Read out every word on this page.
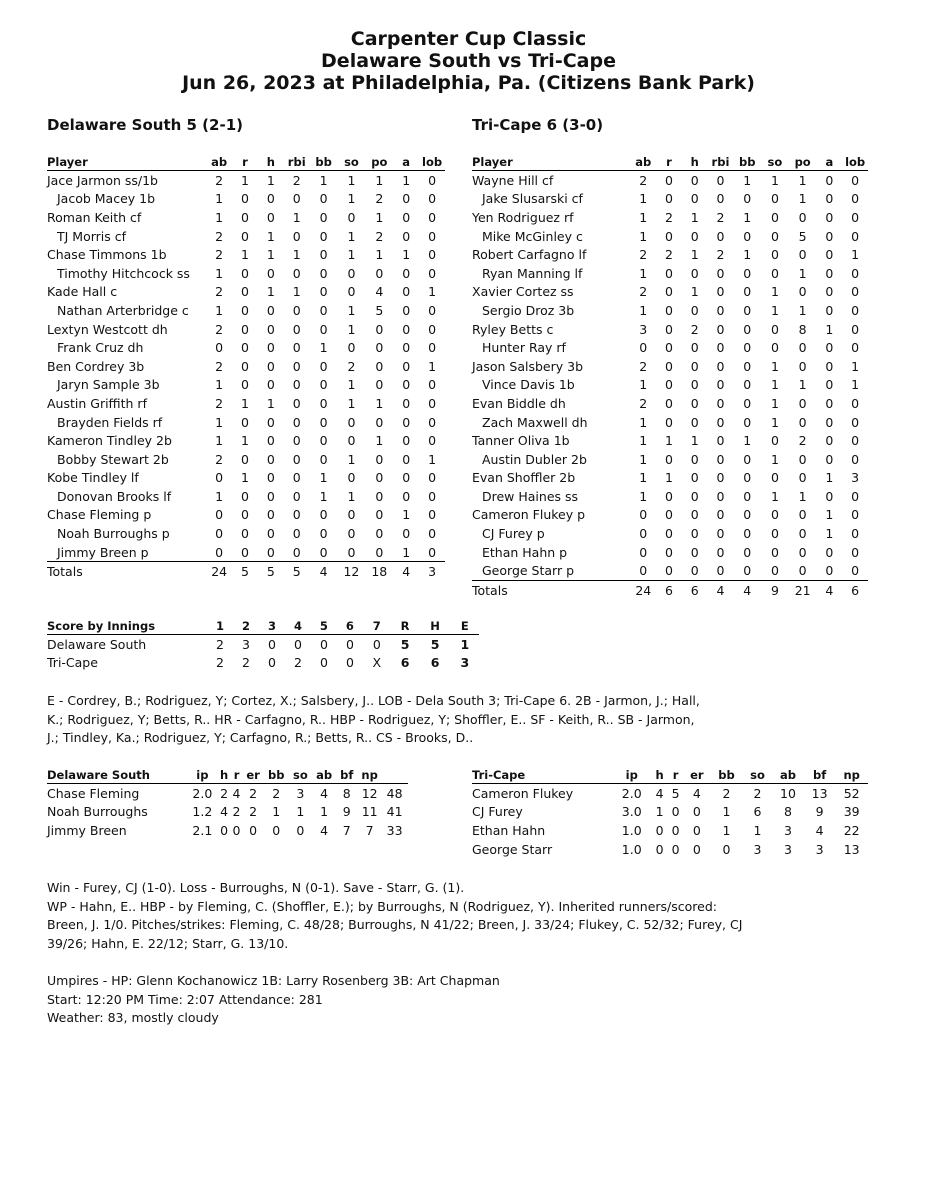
Carpenter Cup Classic
Delaware South vs Tri-Cape
Jun 26, 2023 at Philadelphia, Pa. (Citizens Bank Park)
Delaware South 5 (2-1)	Tri-Cape 6 (3-0)
Player	ab	r	h	rbi	bb	so	po	a	lob
Jace Jarmon ss/1b	2	1	1	2	1	1	1	1	0
Jacob Macey 1b	1	0	0	0	0	1	2	0	0
Roman Keith cf	1	0	0	1	0	0	1	0	0
TJ Morris cf	2	0	1	0	0	1	2	0	0
Chase Timmons 1b	2	1	1	1	0	1	1	1	0
Timothy Hitchcock ss	1	0	0	0	0	0	0	0	0
Kade Hall c	2	0	1	1	0	0	4	0	1
Nathan Arterbridge c	1	0	0	0	0	1	5	0	0
Lextyn Westcott dh	2	0	0	0	0	1	0	0	0
Frank Cruz dh	0	0	0	0	1	0	0	0	0
Ben Cordrey 3b	2	0	0	0	0	2	0	0	1
Jaryn Sample 3b	1	0	0	0	0	1	0	0	0
Austin Griffith rf	2	1	1	0	0	1	1	0	0
Brayden Fields rf	1	0	0	0	0	0	0	0	0
Kameron Tindley 2b	1	1	0	0	0	0	1	0	0
Bobby Stewart 2b	2	0	0	0	0	1	0	0	1
Kobe Tindley lf	0	1	0	0	1	0	0	0	0
Donovan Brooks lf	1	0	0	0	1	1	0	0	0
Chase Fleming p	0	0	0	0	0	0	0	1	0
Noah Burroughs p	0	0	0	0	0	0	0	0	0
Jimmy Breen p	0	0	0	0	0	0	0	1	0
Totals	24	5	5	5	4	12	18	4	3
Player	ab	r	h	rbi	bb	so	po	a	lob
Wayne Hill cf	2	0	0	0	1	1	1	0	0
Jake Slusarski cf	1	0	0	0	0	0	1	0	0
Yen Rodriguez rf	1	2	1	2	1	0	0	0	0
Mike McGinley c	1	0	0	0	0	0	5	0	0
Robert Carfagno lf	2	2	1	2	1	0	0	0	1
Ryan Manning lf	1	0	0	0	0	0	1	0	0
Xavier Cortez ss	2	0	1	0	0	1	0	0	0
Sergio Droz 3b	1	0	0	0	0	1	1	0	0
Ryley Betts c	3	0	2	0	0	0	8	1	0
Hunter Ray rf	0	0	0	0	0	0	0	0	0
Jason Salsbery 3b	2	0	0	0	0	1	0	0	1
Vince Davis 1b	1	0	0	0	0	1	1	0	1
Evan Biddle dh	2	0	0	0	0	1	0	0	0
Zach Maxwell dh	1	0	0	0	0	1	0	0	0
Tanner Oliva 1b	1	1	1	0	1	0	2	0	0
Austin Dubler 2b	1	0	0	0	0	1	0	0	0
Evan Shoffler 2b	1	1	0	0	0	0	0	1	3
Drew Haines ss	1	0	0	0	0	1	1	0	0
Cameron Flukey p	0	0	0	0	0	0	0	1	0
CJ Furey p	0	0	0	0	0	0	0	1	0
Ethan Hahn p	0	0	0	0	0	0	0	0	0
George Starr p	0	0	0	0	0	0	0	0	0
Totals	24	6	6	4	4	9	21	4	6
Score by Innings	1	2	3	4	5	6	7	R	H	E
Delaware South	2	3	0	0	0	0	0	5	5	1
Tri-Cape	2	2	0	2	0	0	X	6	6	3
E - Cordrey, B.; Rodriguez, Y; Cortez, X.; Salsbery, J.. LOB - Dela South 3; Tri-Cape 6. 2B - Jarmon, J.; Hall,
K.; Rodriguez, Y; Betts, R.. HR - Carfagno, R.. HBP - Rodriguez, Y; Shoffler, E.. SF - Keith, R.. SB - Jarmon,
J.; Tindley, Ka.; Rodriguez, Y; Carfagno, R.; Betts, R.. CS - Brooks, D..
Delaware South	ip	h	r	er	bb	so	ab	bf	np			
Chase Fleming	2.0	2	4	2	2	3	4	8	12	48	
Noah Burroughs	1.2	4	2	2	1	1	1	9	11	41	
Jimmy Breen	2.1	0	0	0	0	0	4	7	7	33	
Tri-Cape	ip	h	r	er	bb	so	ab	bf	np
Cameron Flukey	2.0	4	5	4	2	2	10	13	52
CJ Furey	3.0	1	0	0	1	6	8	9	39
Ethan Hahn	1.0	0	0	0	1	1	3	4	22
George Starr	1.0	0	0	0	0	3	3	3	13
Win - Furey, CJ (1-0). Loss - Burroughs, N (0-1). Save - Starr, G. (1).
WP - Hahn, E.. HBP - by Fleming, C. (Shoffler, E.); by Burroughs, N (Rodriguez, Y). Inherited runners/scored:
Breen, J. 1/0. Pitches/strikes: Fleming, C. 48/28; Burroughs, N 41/22; Breen, J. 33/24; Flukey, C. 52/32; Furey, CJ
39/26; Hahn, E. 22/12; Starr, G. 13/10.
Umpires - HP: Glenn Kochanowicz 1B: Larry Rosenberg 3B: Art Chapman
Start: 12:20 PM Time: 2:07 Attendance: 281
Weather: 83, mostly cloudy
